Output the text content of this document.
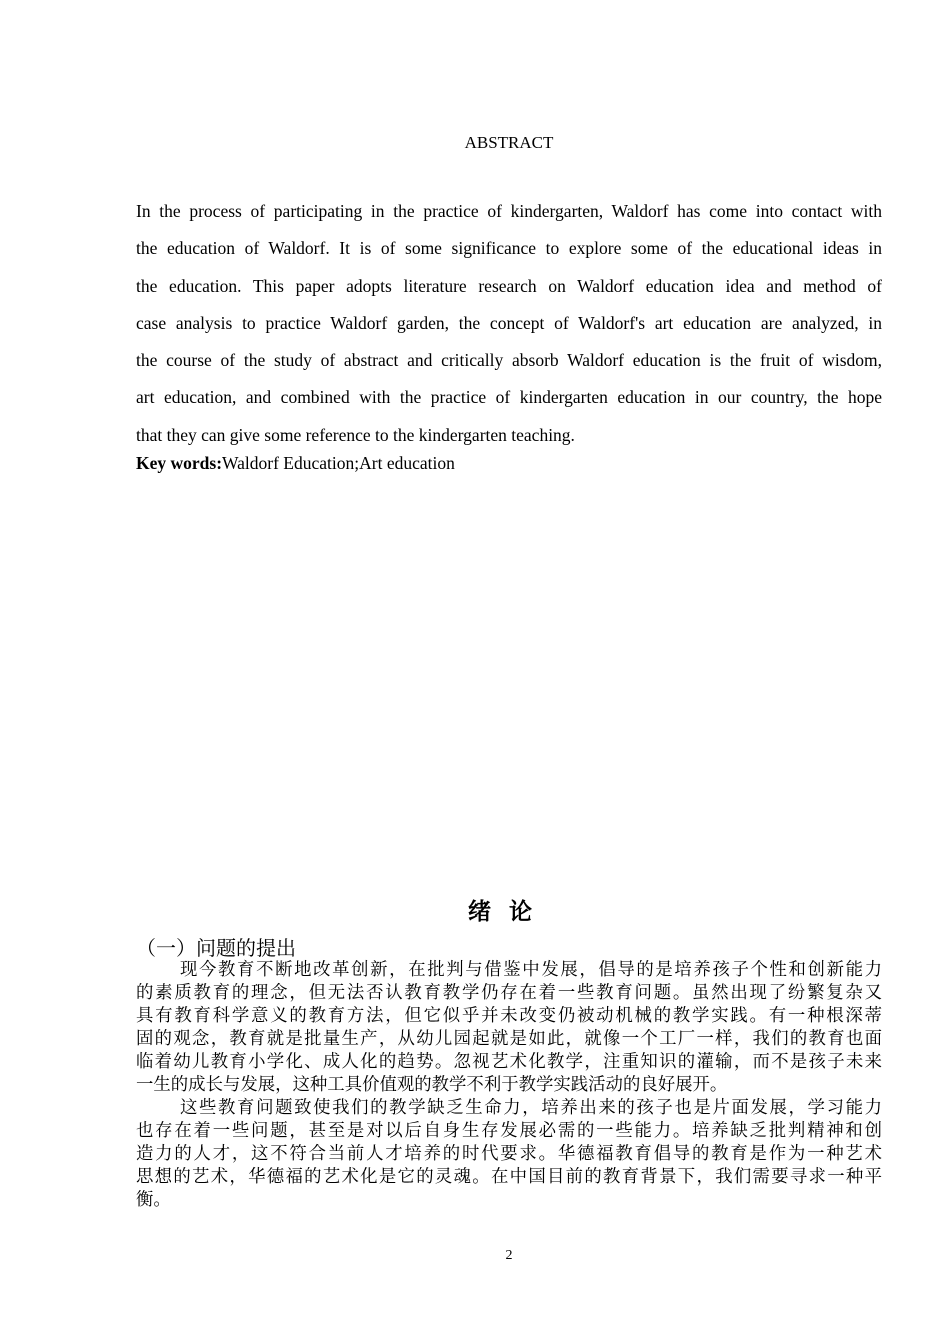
ABSTRACT
In the process of participating in the practice of kindergarten, Waldorf has come into contact with
the education of Waldorf. It is of some significance to explore some of the educational ideas in
the education. This paper adopts literature research on Waldorf education idea and method of
case analysis to practice Waldorf garden, the concept of Waldorf's art education are analyzed, in
the course of the study of abstract and critically absorb Waldorf education is the fruit of wisdom,
art education, and combined with the practice of kindergarten education in our country, the hope
that they can give some reference to the kindergarten teaching.
Key words:Waldorf Education;Art education
绪论
（一）问题的提出
现今教育不断地改革创新，在批判与借鉴中发展，倡导的是培养孩子个性和创新能力
的素质教育的理念，但无法否认教育教学仍存在着一些教育问题。虽然出现了纷繁复杂又
具有教育科学意义的教育方法，但它似乎并未改变仍被动机械的教学实践。有一种根深蒂
固的观念，教育就是批量生产，从幼儿园起就是如此，就像一个工厂一样，我们的教育也面
临着幼儿教育小学化、成人化的趋势。忽视艺术化教学，注重知识的灌输，而不是孩子未来
一生的成长与发展，这种工具价值观的教学不利于教学实践活动的良好展开。
这些教育问题致使我们的教学缺乏生命力，培养出来的孩子也是片面发展，学习能力
也存在着一些问题，甚至是对以后自身生存发展必需的一些能力。培养缺乏批判精神和创
造力的人才，这不符合当前人才培养的时代要求。华德福教育倡导的教育是作为一种艺术
思想的艺术，华德福的艺术化是它的灵魂。在中国目前的教育背景下，我们需要寻求一种平
衡。
2
